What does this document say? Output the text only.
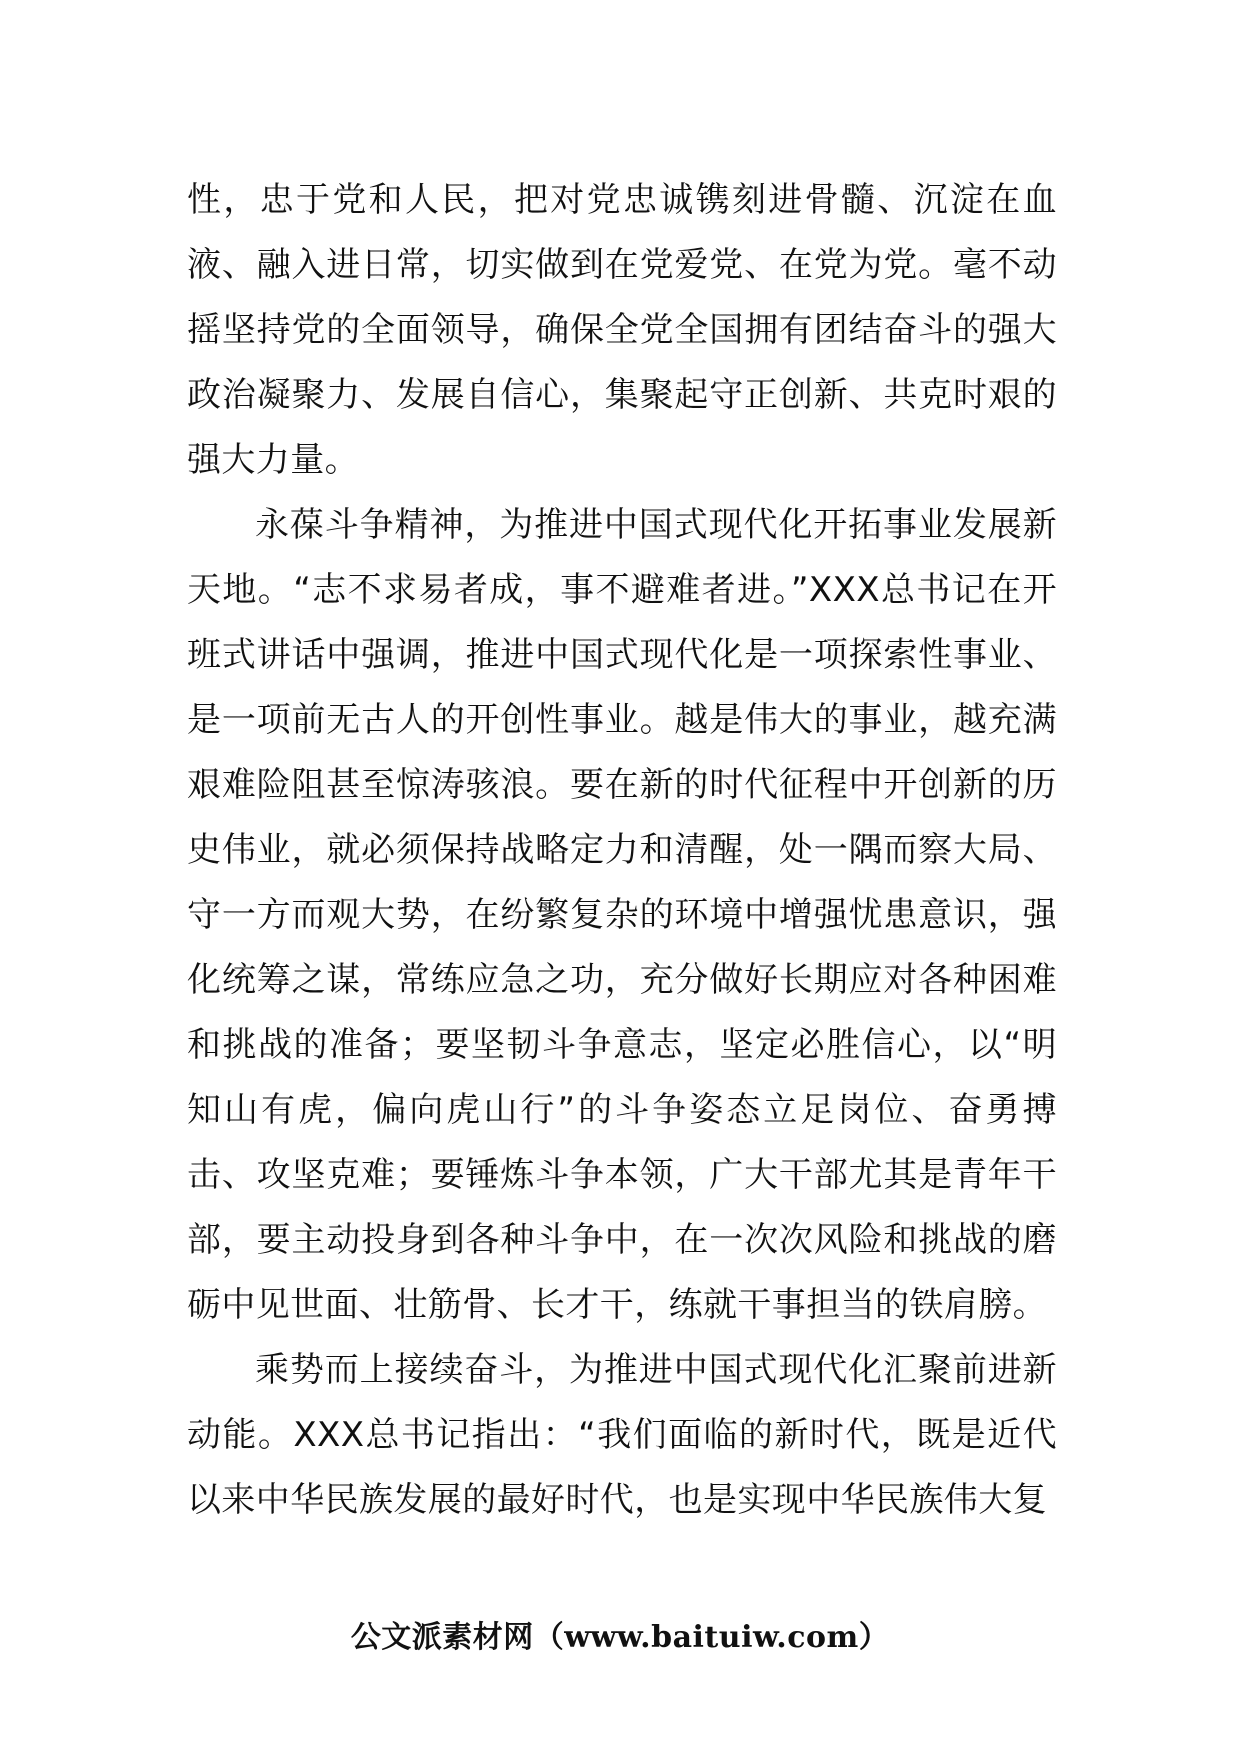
性，忠于党和人民，把对党忠诚镌刻进骨髓、沉淀在血液、融入进日常，切实做到在党爱党、在党为党。毫不动摇坚持党的全面领导，确保全党全国拥有团结奋斗的强大政治凝聚力、发展自信心，集聚起守正创新、共克时艰的强大力量。

永葆斗争精神，为推进中国式现代化开拓事业发展新天地。“志不求易者成，事不避难者进。”XXX总书记在开班式讲话中强调，推进中国式现代化是一项探索性事业、是一项前无古人的开创性事业。越是伟大的事业，越充满艰难险阻甚至惊涛骇浪。要在新的时代征程中开创新的历史伟业，就必须保持战略定力和清醒，处一隅而察大局、守一方而观大势，在纷繁复杂的环境中增强忧患意识，强化统筹之谋，常练应急之功，充分做好长期应对各种困难和挑战的准备；要坚韧斗争意志，坚定必胜信心，以“明知山有虎，偏向虎山行”的斗争姿态立足岗位、奋勇搏击、攻坚克难；要锤炼斗争本领，广大干部尤其是青年干部，要主动投身到各种斗争中，在一次次风险和挑战的磨砺中见世面、壮筋骨、长才干，练就干事担当的铁肩膀。

乘势而上接续奋斗，为推进中国式现代化汇聚前进新动能。XXX总书记指出：“我们面临的新时代，既是近代以来中华民族发展的最好时代，也是实现中华民族伟大复

公文派素材网（www.baituiw.com）
